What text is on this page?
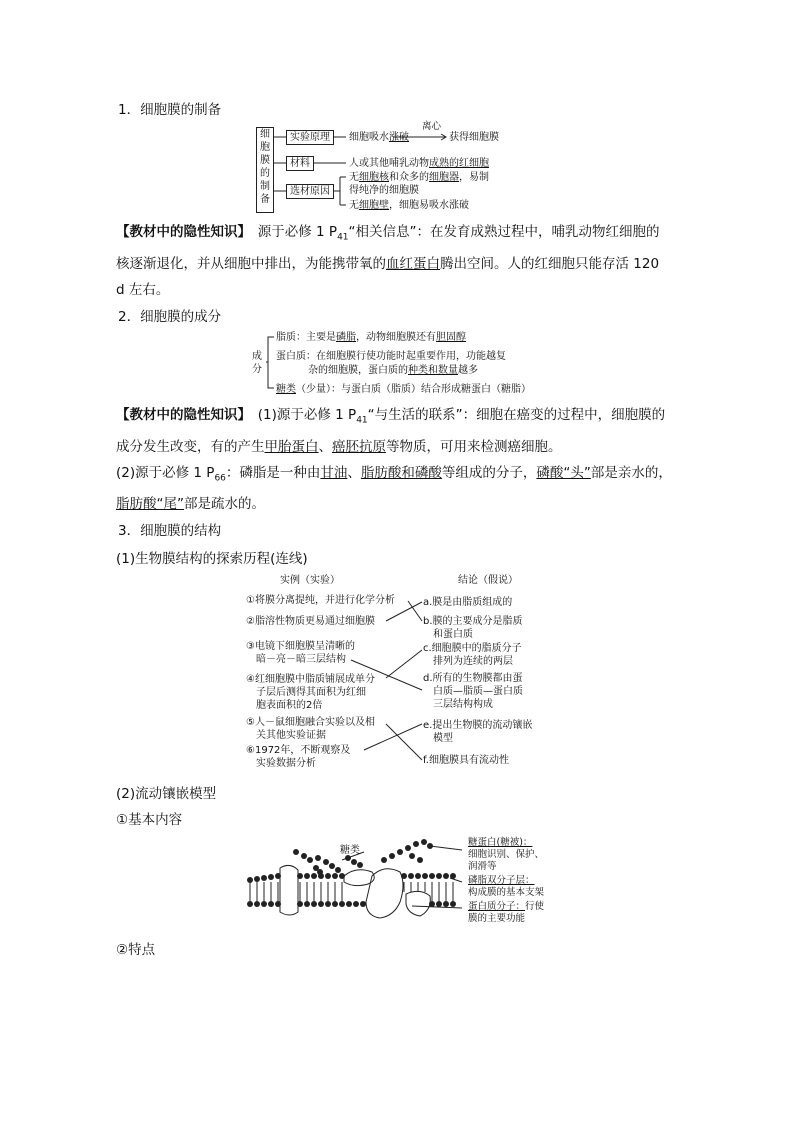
1．细胞膜的制备
细
胞
膜
的
制
备
实验原理	细胞吸水涨破
离心
获得细胞膜
材料	人或其他哺乳动物成熟的红细胞
选材原因
无细胞核和众多的细胞器，易制
得纯净的细胞膜
无细胞壁，细胞易吸水涨破
【教材中的隐性知识】　 源于必修 1 $P_{41}“$相关信息”：在发育成熟过程中，哺乳动物红细胞的
核逐渐退化，并从细胞中排出，为能携带氧的血红蛋白腾出空间。人的红细胞只能存活 120
d 左右。
2．细胞膜的成分
成
分
脂质：主要是磷脂，动物细胞膜还有胆固醇
蛋白质：在细胞膜行使功能时起重要作用，功能越复
杂的细胞膜，蛋白质的种类和数量越多
糖类（少量）：与蛋白质（脂质）结合形成糖蛋白（糖脂）
【教材中的隐性知识】　 (1)源于必修 1 $P_{41}“$与生活的联系”：细胞在癌变的过程中，细胞膜的
成分发生改变，有的产生甲胎蛋白、癌胚抗原等物质，可用来检测癌细胞。
(2)源于必修 1 $P_{66}$：磷脂是一种由甘油、脂肪酸和磷酸等组成的分子，磷酸“头”部是亲水的，
脂肪酸“尾”部是疏水的。
3．细胞膜的结构
(1)生物膜结构的探索历程(连线)
实例（实验）	结论（假说）
①将膜分离提纯，并进行化学分析
②脂溶性物质更易通过细胞膜
③电镜下细胞膜呈清晰的
　暗－亮－暗三层结构
④红细胞膜中脂质铺展成单分
　子层后测得其面积为红细
　胞表面积的2倍
⑤人－鼠细胞融合实验以及相
　关其他实验证据
⑥1972年，不断观察及
　实验数据分析
a.膜是由脂质组成的
b.膜的主要成分是脂质
　和蛋白质
c.细胞膜中的脂质分子
　排列为连续的两层
d.所有的生物膜都由蛋
　白质—脂质—蛋白质
　三层结构构成
e.提出生物膜的流动镶嵌
　模型
f.细胞膜具有流动性
(2)流动镶嵌模型
①基本内容
糖类
糖蛋白(糖被)：
细胞识别、保护、
润滑等
磷脂双分子层：
构成膜的基本支架
蛋白质分子：行使
膜的主要功能
②特点
